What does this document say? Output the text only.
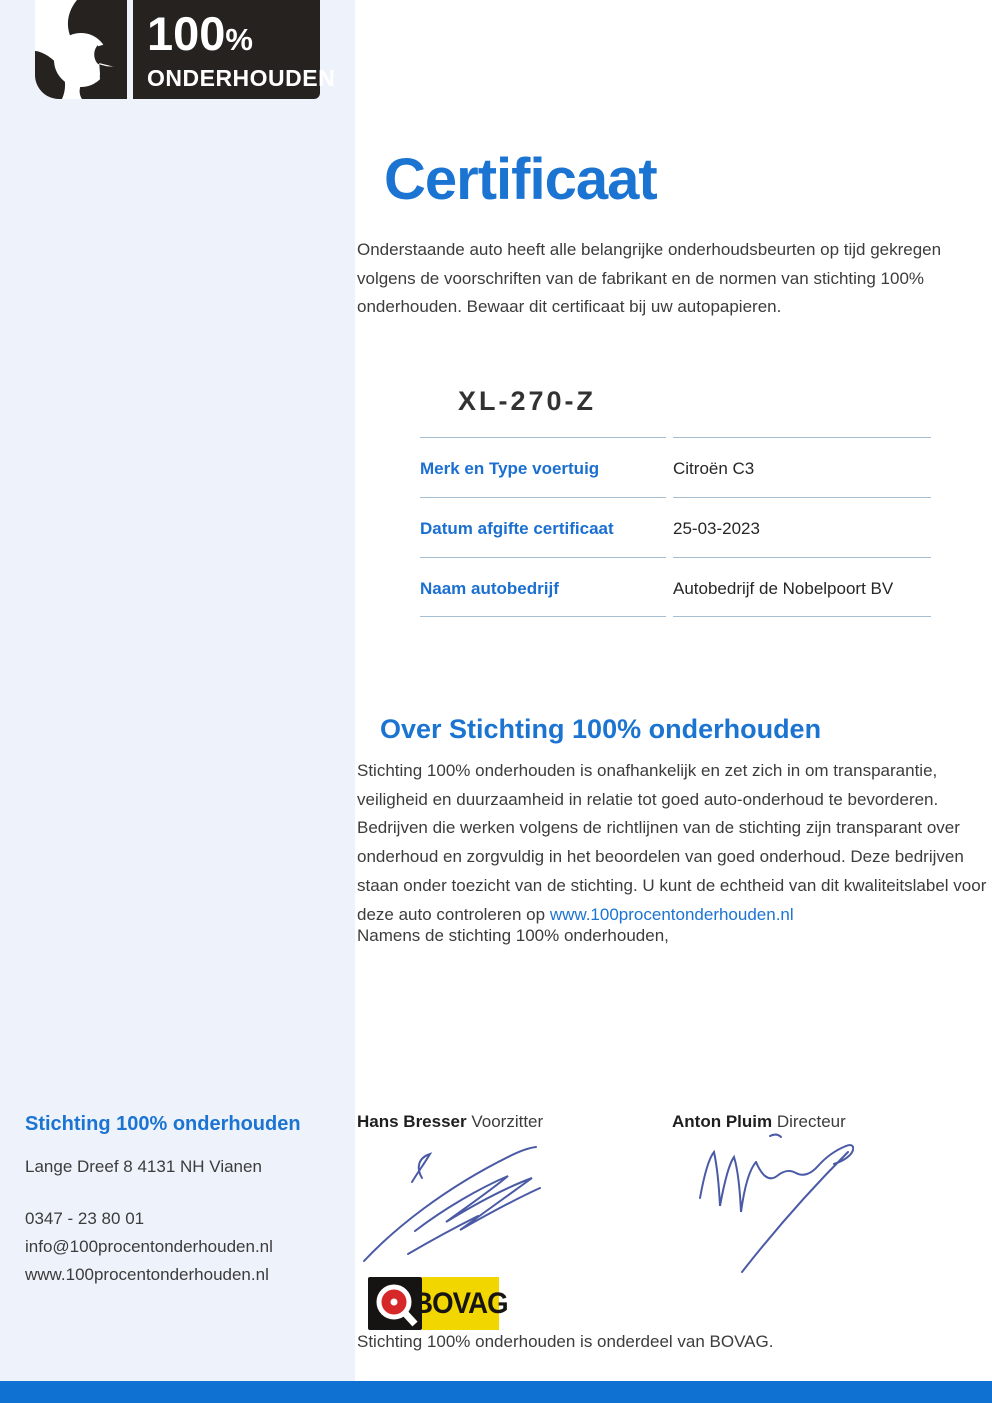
100%
ONDERHOUDEN
Certificaat

Onderstaande auto heeft alle belangrijke onderhoudsbeurten op tijd gekregen volgens de voorschriften van de fabrikant en de normen van stichting 100% onderhouden. Bewaar dit certificaat bij uw autopapieren.

XL-270-Z
Merk en Type voertuig	Citroën C3
Datum afgifte certificaat	25-03-2023
Naam autobedrijf	Autobedrijf de Nobelpoort BV
Over Stichting 100% onderhouden

Stichting 100% onderhouden is onafhankelijk en zet zich in om transparantie, veiligheid en duurzaamheid in relatie tot goed auto-onderhoud te bevorderen. Bedrijven die werken volgens de richtlijnen van de stichting zijn transparant over onderhoud en zorgvuldig in het beoordelen van goed onderhoud. Deze bedrijven staan onder toezicht van de stichting. U kunt de echtheid van dit kwaliteitslabel voor deze auto controleren op www.100procentonderhouden.nl

Namens de stichting 100% onderhouden,

Hans Bresser Voorzitter	Anton Pluim Directeur
BOVAG
Stichting 100% onderhouden is onderdeel van BOVAG.
Stichting 100% onderhouden
Lange Dreef 8 4131 NH Vianen
0347 - 23 80 01
info@100procentonderhouden.nl
www.100procentonderhouden.nl
